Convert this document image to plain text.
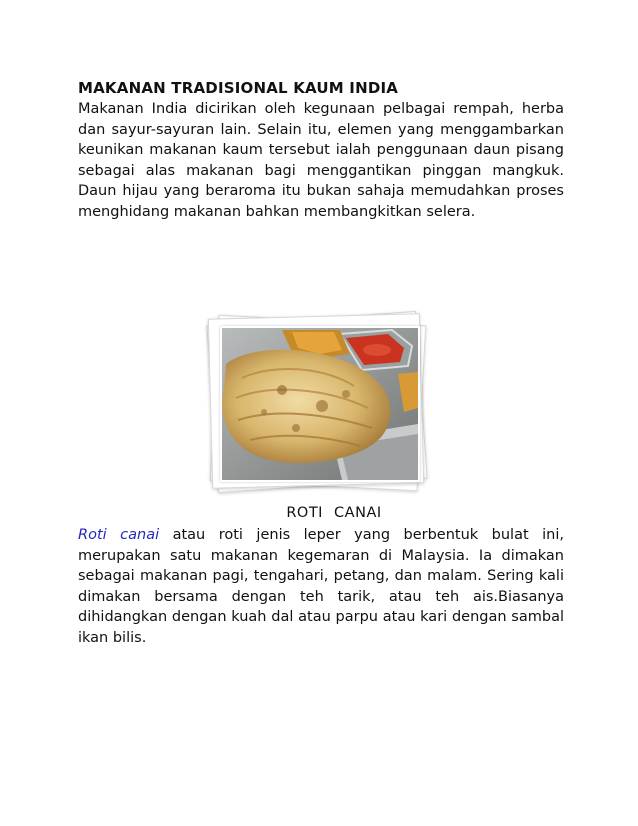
MAKANAN TRADISIONAL KAUM INDIA

Makanan India dicirikan oleh kegunaan pelbagai rempah, herba dan sayur-sayuran lain. Selain itu, elemen yang menggambarkan keunikan makanan kaum tersebut ialah penggunaan daun pisang sebagai alas makanan bagi menggantikan pinggan mangkuk. Daun hijau yang beraroma itu bukan sahaja memudahkan proses menghidang makanan bahkan membangkitkan selera.

ROTI CANAI

Roti canai atau roti jenis leper yang berbentuk bulat ini, merupakan satu makanan kegemaran di Malaysia. Ia dimakan sebagai makanan pagi, tengahari, petang, dan malam. Sering kali dimakan bersama dengan teh tarik, atau teh ais.Biasanya dihidangkan dengan kuah dal atau parpu atau kari dengan sambal ikan bilis.
